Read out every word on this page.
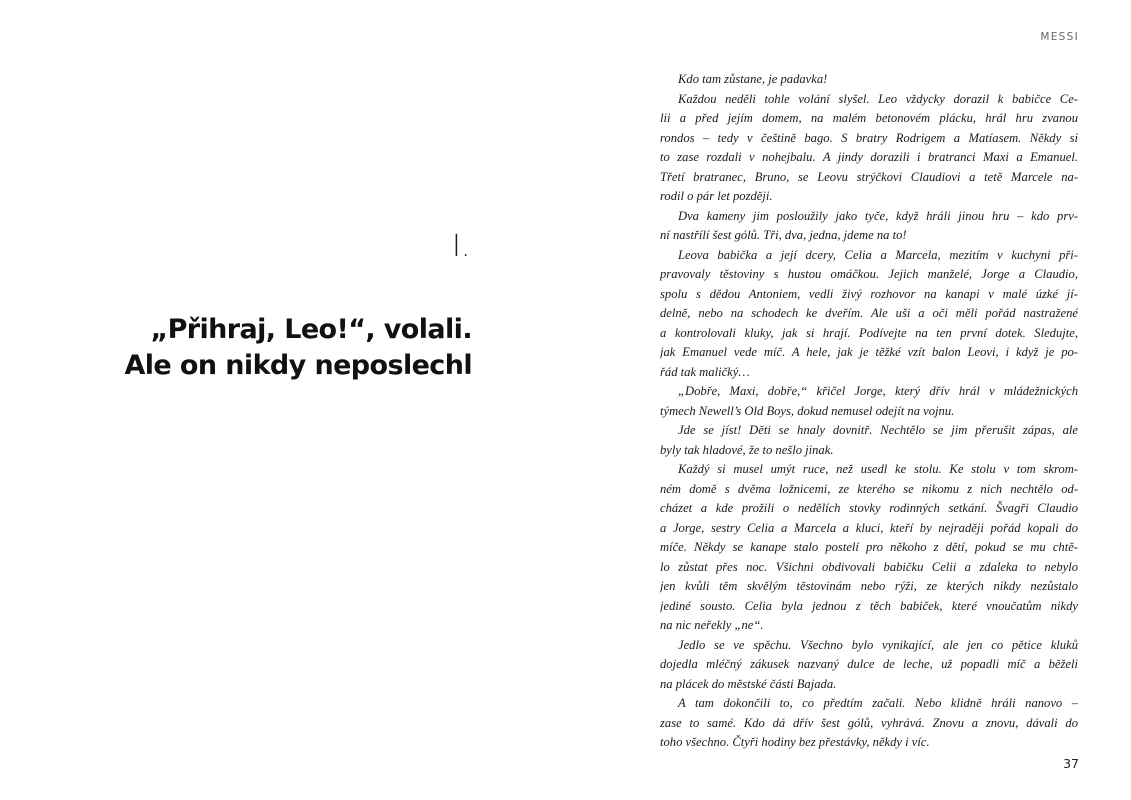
I.
„Přihraj, Leo!“, volali.
Ale on nikdy neposlechl
MESSI
Kdo tam zůstane, je padavka!
Každou neděli tohle volání slyšel. Leo vždycky dorazil k babičce Ce-
lii a před jejím domem, na malém betonovém plácku, hrál hru zvanou
rondos – tedy v češtině bago. S bratry Rodrigem a Matíasem. Někdy si
to zase rozdali v nohejbalu. A jindy dorazili i bratranci Maxi a Emanuel.
Třetí bratranec, Bruno, se Leovu strýčkovi Claudiovi a tetě Marcele na-
rodil o pár let později.
Dva kameny jim posloužily jako tyče, když hráli jinou hru – kdo prv-
ní nastřílí šest gólů. Tři, dva, jedna, jdeme na to!
Leova babička a její dcery, Celia a Marcela, mezitím v kuchyni při-
pravovaly těstoviny s hustou omáčkou. Jejich manželé, Jorge a Claudio,
spolu s dědou Antoniem, vedli živý rozhovor na kanapi v malé úzké jí-
delně, nebo na schodech ke dveřím. Ale uši a oči měli pořád nastražené
a kontrolovali kluky, jak si hrají. Podívejte na ten první dotek. Sledujte,
jak Emanuel vede míč. A hele, jak je těžké vzít balon Leovi, i když je po-
řád tak maličký…
„Dobře, Maxi, dobře,“ křičel Jorge, který dřív hrál v mládežnických
týmech Newell’s Old Boys, dokud nemusel odejít na vojnu.
Jde se jíst! Děti se hnaly dovnitř. Nechtělo se jim přerušit zápas, ale
byly tak hladové, že to nešlo jinak.
Každý si musel umýt ruce, než usedl ke stolu. Ke stolu v tom skrom-
ném domě s dvěma ložnicemi, ze kterého se nikomu z nich nechtělo od-
cházet a kde prožili o nedělích stovky rodinných setkání. Švagři Claudio
a Jorge, sestry Celia a Marcela a kluci, kteří by nejraději pořád kopali do
míče. Někdy se kanape stalo postelí pro někoho z dětí, pokud se mu chtě-
lo zůstat přes noc. Všichni obdivovali babičku Celii a zdaleka to nebylo
jen kvůli těm skvělým těstovinám nebo rýži, ze kterých nikdy nezůstalo
jediné sousto. Celia byla jednou z těch babiček, které vnoučatům nikdy
na nic neřekly „ne“.
Jedlo se ve spěchu. Všechno bylo vynikající, ale jen co pětice kluků
dojedla mléčný zákusek nazvaný dulce de leche, už popadli míč a běželi
na plácek do městské části Bajada.
A tam dokončili to, co předtím začali. Nebo klidně hráli nanovo –
zase to samé. Kdo dá dřív šest gólů, vyhrává. Znovu a znovu, dávali do
toho všechno. Čtyři hodiny bez přestávky, někdy i víc.
37
